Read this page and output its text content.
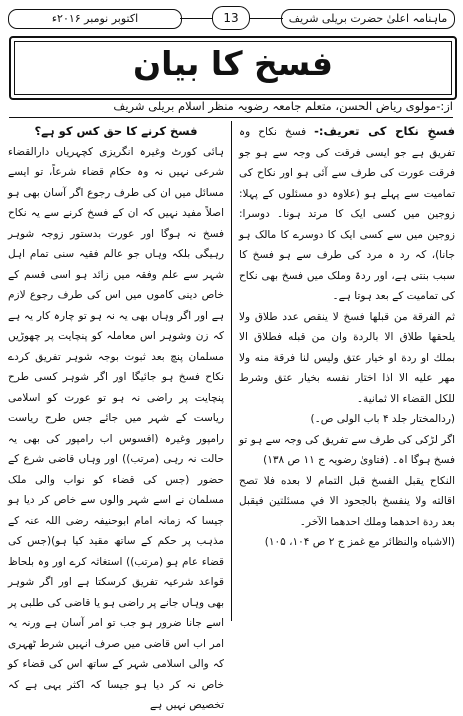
ماہنامہ اعلیٰ حضرت بریلی شریف
13
اکتوبر نومبر ۲۰۱۶ء
فسخ کا بیان
از:-مولوی ریاض الحسن، متعلم جامعہ رضویہ منظر اسلام بریلی شریف

فسخِ نکاح کی تعریف:- فسخ نکاح وہ تفریق ہے جو ایسی فرقت کی وجہ سے ہو جو فرقت عورت کی طرف سے آئی ہو اور نکاح کی تمامیت سے پہلے ہو (علاوہ دو مسئلوں کے پہلا: زوجین میں کسی ایک کا مرتد ہونا۔ دوسرا: زوجین میں سے کسی ایک کا دوسرے کا مالک ہو جانا)، کہ رد ہ مرد کی طرف سے ہو فسخ کا سبب بنتی ہے، اور ردۃ وملک میں فسخ بھی نکاح کی تمامیت کے بعد ہوتا ہے۔

ثم الفرقة من قبلها فسخ لا ينقص عدد طلاق ولا يلحقها طلاق الا بالردة وان من قبله فطلاق الا بملك او ردة او خيار عتق وليس لنا فرقة منه ولا مهر عليه الا اذا اختار نفسه بخيار عتق وشرط للكل القضاء الا ثمانية۔

(ردالمختار جلد ۴ باب الولی ص۔)

اگر لڑکی کی طرف سے تفریق کی وجہ سے ہو تو فسخ ہوگا اہ۔ (فتاویٰ رضویہ ج ۱۱ ص ۱۳۸)

النكاح يقبل الفسخ قبل التمام لا بعده فلا تصح اقالته ولا ينفسخ بالجحود الا في مسئلتين فيقبل بعد ردة احدهما وملك احدهما الآخر۔

(الاشباه والنظائر مع غمز ج ۲ ص ۱۰۴، ۱۰۵)

فسخ کرنے کا حق کس کو ہے؟

ہائی کورٹ وغیرہ انگریزی کچہریاں دارالقضاء شرعی نہیں نہ وہ حکام قضاء شرعاً، تو ایسے مسائل میں ان کی طرف رجوع اگر آسان بھی ہو اصلاً مفید نہیں کہ ان کے فسخ کرنے سے یہ نکاح فسخ نہ ہوگا اور عورت بدستور زوجہ شوہر رہیگی بلکہ وہاں جو عالم فقیہ سنی تمام اہل شہر سے علم وفقہ میں زائد ہو اسی قسم کے خاص دینی کاموں میں اس کی طرف رجوع لازم ہے اور اگر وہاں بھی یہ نہ ہو تو چارہ کار یہ ہے کہ زن وشوہر اس معاملہ کو پنچایت پر چھوڑیں مسلمان پنچ بعد ثبوت بوجہ شوہر تفریق کردے نکاح فسخ ہو جائیگا اور اگر شوہر کسی طرح پنچایت پر راضی نہ ہو تو عورت کو اسلامی ریاست کے شہر میں جائے جس طرح ریاست رامپور وغیرہ (افسوس اب رامپور کی بھی یہ حالت نہ رہی (مرتب)) اور وہاں قاضی شرع کے حضور (جس کی قضاء کو نواب والی ملک مسلمان نے اسے شہر والوں سے خاص کر دیا ہو جیسا کہ زمانہ امام ابوحنیفہ رضی اللہ عنہ کے مذہب پر حکم کے ساتھ مقید کیا ہو)(جس کی قضاء عام ہو (مرتب)) استغاثہ کرے اور وہ بلحاظ قواعد شرعیہ تفریق کرسکتا ہے اور اگر شوہر بھی وہاں جانے پر راضی ہو یا قاضی کی طلبی پر اسے جانا ضرور ہو جب تو امر آسان ہے ورنہ یہ امر اب اس قاضی میں صرف انہیں شرط ٹھہری کہ والی اسلامی شہر کے ساتھ اس کی قضاء کو خاص نہ کر دیا ہو جیسا کہ اکثر یہی ہے کہ تخصیص نہیں ہے
